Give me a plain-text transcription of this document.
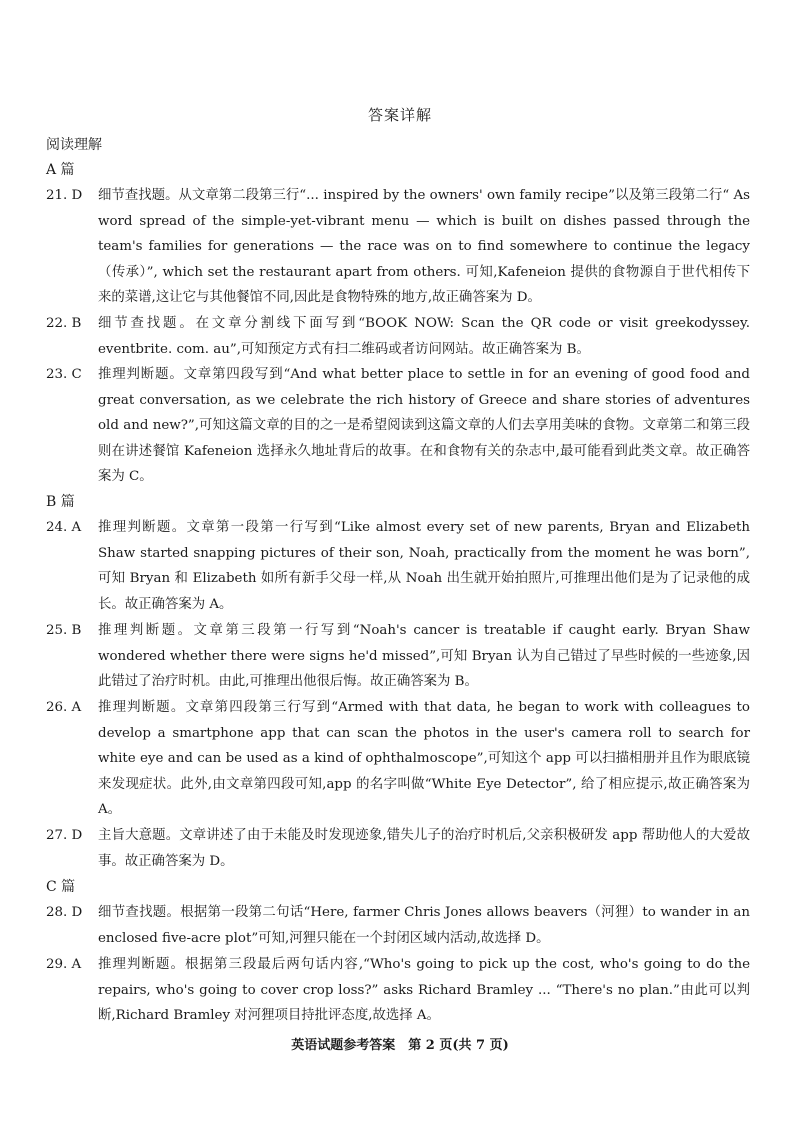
答案详解
阅读理解
A 篇
21. D	细节查找题。从文章第二段第三行“... inspired by the owners' own family recipe”以及第三段第二行“ As word spread of the simple-yet-vibrant menu — which is built on dishes passed through the team's families for generations — the race was on to find somewhere to continue the legacy（传承）”, which set the restaurant apart from others. 可知,Kafeneion 提供的食物源自于世代相传下来的菜谱,这让它与其他餐馆不同,因此是食物特殊的地方,故正确答案为 D。
22. B	细节查找题。在文章分割线下面写到“BOOK NOW: Scan the QR code or visit greekodyssey. eventbrite. com. au”,可知预定方式有扫二维码或者访问网站。故正确答案为 B。
23. C	推理判断题。文章第四段写到“And what better place to settle in for an evening of good food and great conversation, as we celebrate the rich history of Greece and share stories of adventures old and new?”,可知这篇文章的目的之一是希望阅读到这篇文章的人们去享用美味的食物。文章第二和第三段则在讲述餐馆 Kafeneion 选择永久地址背后的故事。在和食物有关的杂志中,最可能看到此类文章。故正确答案为 C。
B 篇
24. A	推理判断题。文章第一段第一行写到“Like almost every set of new parents, Bryan and Elizabeth Shaw started snapping pictures of their son, Noah, practically from the moment he was born”,可知 Bryan 和 Elizabeth 如所有新手父母一样,从 Noah 出生就开始拍照片,可推理出他们是为了记录他的成长。故正确答案为 A。
25. B	推理判断题。文章第三段第一行写到“Noah's cancer is treatable if caught early. Bryan Shaw wondered whether there were signs he'd missed”,可知 Bryan 认为自己错过了早些时候的一些迹象,因此错过了治疗时机。由此,可推理出他很后悔。故正确答案为 B。
26. A	推理判断题。文章第四段第三行写到“Armed with that data, he began to work with colleagues to develop a smartphone app that can scan the photos in the user's camera roll to search for white eye and can be used as a kind of ophthalmoscope”,可知这个 app 可以扫描相册并且作为眼底镜来发现症状。此外,由文章第四段可知,app 的名字叫做“White Eye Detector”, 给了相应提示,故正确答案为 A。
27. D	主旨大意题。文章讲述了由于未能及时发现迹象,错失儿子的治疗时机后,父亲积极研发 app 帮助他人的大爱故事。故正确答案为 D。
C 篇
28. D	细节查找题。根据第一段第二句话“Here, farmer Chris Jones allows beavers（河狸）to wander in an enclosed five-acre plot”可知,河狸只能在一个封闭区域内活动,故选择 D。
29. A	推理判断题。根据第三段最后两句话内容,“Who's going to pick up the cost, who's going to do the repairs, who's going to cover crop loss?” asks Richard Bramley ... “There's no plan.”由此可以判断,Richard Bramley 对河狸项目持批评态度,故选择 A。
英语试题参考答案　第 2 页(共 7 页)
